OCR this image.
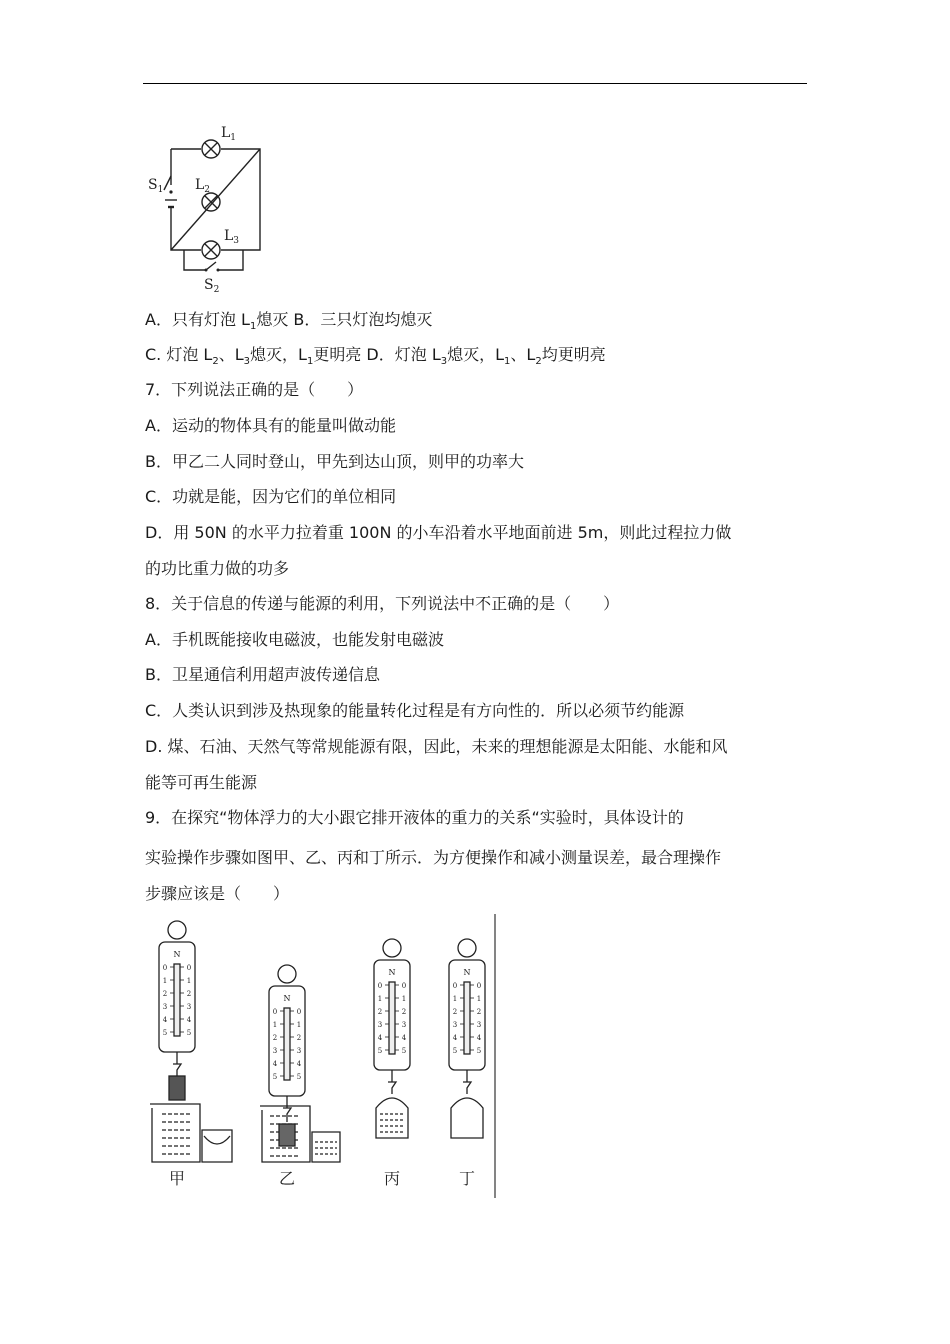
$L_1$
$L_2$
$L_3$
$S_1$
$S_2$
A．只有灯泡 $L_1$熄灭 B．三只灯泡均熄灭
C. 灯泡 $L_2$、$L_3$熄灭，$L_1$更明亮 D．灯泡 $L_3$熄灭，$L_1$、$L_2$均更明亮
7．下列说法正确的是（　　）
A．运动的物体具有的能量叫做动能
B．甲乙二人同时登山，甲先到达山顶，则甲的功率大
C．功就是能，因为它们的单位相同
D．用 50N 的水平力拉着重 100N 的小车沿着水平地面前进 5m，则此过程拉力做
的功比重力做的功多
8．关于信息的传递与能源的利用，下列说法中不正确的是（　　）
A．手机既能接收电磁波，也能发射电磁波
B．卫星通信利用超声波传递信息
C．人类认识到涉及热现象的能量转化过程是有方向性的．所以必须节约能源
D. 煤、石油、天然气等常规能源有限，因此，未来的理想能源是太阳能、水能和风
能等可再生能源
9．在探究“物体浮力的大小跟它排开液体的重力的关系“实验时，具体设计的
实验操作步骤如图甲、乙、丙和丁所示．为方便操作和减小测量误差，最合理操作
步骤应该是（　　）
N
N
N	N
0	0
1	1
2	2
3	3
4	4
5	5
0	0
1	1
2	2
3	3
4	4
5	5
0	0
1	1
2	2
3	3
4	4
5	5
0	0
1	1
2	2
3	3
4	4
5	5
甲	乙	丙	丁
